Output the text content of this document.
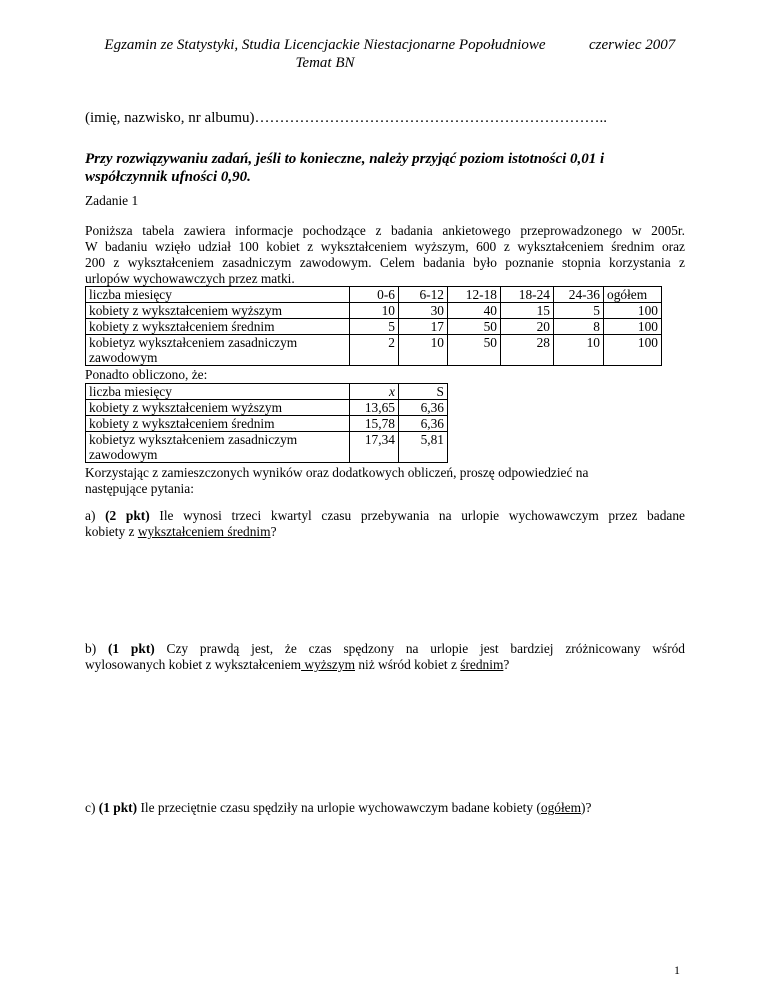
Egzamin ze Statystyki, Studia Licencjackie Niestacjonarne Popołudniowe
Temat BN
czerwiec 2007
(imię, nazwisko, nr albumu)……………………………………………………………..
Przy rozwiązywaniu zadań, jeśli to konieczne, należy przyjąć poziom istotności 0,01 i
współczynnik ufności 0,90.
Zadanie 1
Poniższa tabela zawiera informacje pochodzące z badania ankietowego przeprowadzonego w 2005r.
W badaniu wzięło udział 100 kobiet z wykształceniem wyższym, 600 z wykształceniem średnim oraz
200 z wykształceniem zasadniczym zawodowym. Celem badania było poznanie stopnia korzystania z
urlopów wychowawczych przez matki.
liczba miesięcy	0-6	6-12	12-18	18-24	24-36	ogółem
kobiety z wykształceniem wyższym	10	30	40	15	5	100
kobiety z wykształceniem średnim	5	17	50	20	8	100

kobietyz wykształceniem zasadniczym
zawodowym	2	10	50	28	10	100
Ponadto obliczono, że:
liczba miesięcy	$\overline{x}$	S
kobiety z wykształceniem wyższym	13,65	6,36
kobiety z wykształceniem średnim	15,78	6,36

kobietyz wykształceniem zasadniczym
zawodowym	17,34	5,81
Korzystając z zamieszczonych wyników oraz dodatkowych obliczeń, proszę odpowiedzieć na
następujące pytania:
a) (2 pkt) Ile wynosi trzeci kwartyl czasu przebywania na urlopie wychowawczym przez badane
kobiety z wykształceniem średnim?
b) (1 pkt) Czy prawdą jest, że czas spędzony na urlopie jest bardziej zróżnicowany wśród
wylosowanych kobiet z wykształceniem wyższym niż wśród kobiet z średnim?
c) (1 pkt) Ile przeciętnie czasu spędziły na urlopie wychowawczym badane kobiety (ogółem)?
1
